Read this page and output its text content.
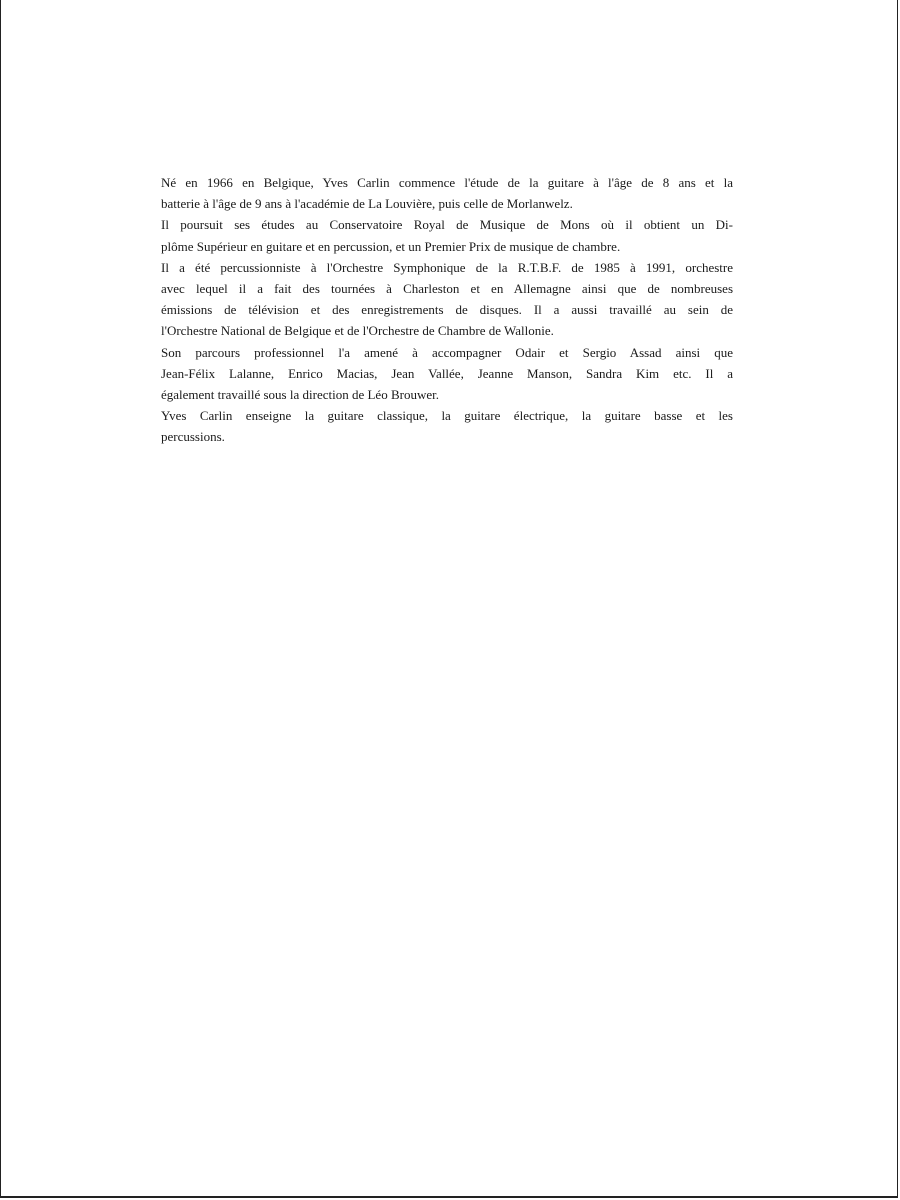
Né en 1966 en Belgique, Yves Carlin commence l'étude de la guitare à l'âge de 8 ans et la
batterie à l'âge de 9 ans à l'académie de La Louvière, puis celle de Morlanwelz.
Il poursuit ses études au Conservatoire Royal de Musique de Mons où il obtient un Di-
plôme Supérieur en guitare et en percussion, et un Premier Prix de musique de chambre.
Il a été percussionniste à l'Orchestre Symphonique de la R.T.B.F. de 1985 à 1991, orchestre
avec lequel il a fait des tournées à Charleston et en Allemagne ainsi que de nombreuses
émissions de télévision et des enregistrements de disques. Il a aussi travaillé au sein de
l'Orchestre National de Belgique et de l'Orchestre de Chambre de Wallonie.
Son parcours professionnel l'a amené à accompagner Odair et Sergio Assad ainsi que
Jean-Félix Lalanne, Enrico Macias, Jean Vallée, Jeanne Manson, Sandra Kim etc. Il a
également travaillé sous la direction de Léo Brouwer.
Yves Carlin enseigne la guitare classique, la guitare électrique, la guitare basse et les
percussions.
